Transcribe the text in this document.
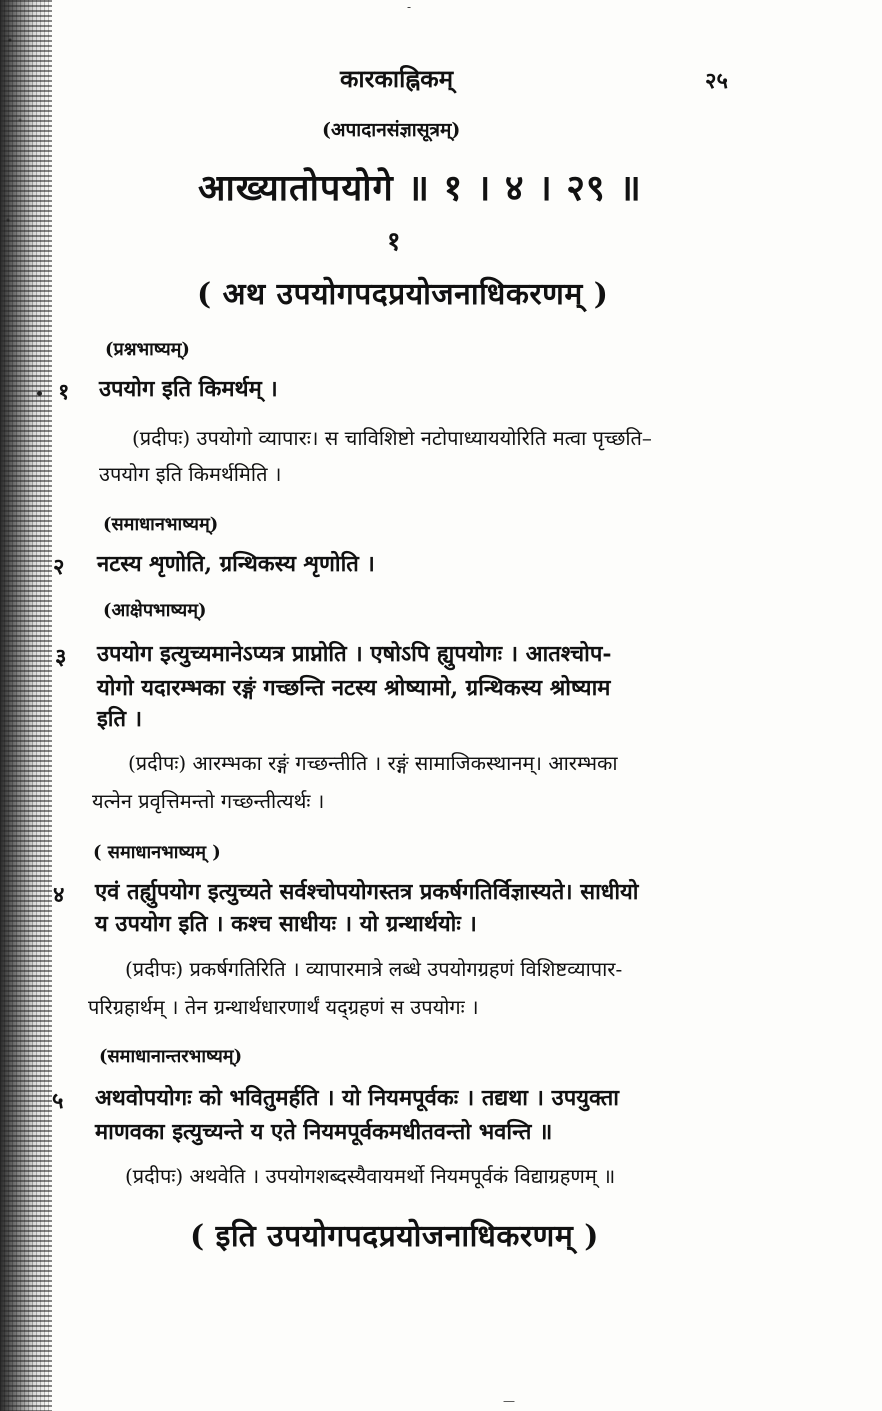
-
कारकाह्निकम्	२५
(अपादानसंज्ञासूत्रम्)
आख्यातोपयोगे ॥ १ । ४ । २९ ॥
१
( अथ उपयोगपदप्रयोजनाधिकरणम् )
(प्रश्नभाष्यम्)
१	उपयोग इति किमर्थम् ।
(प्रदीपः) उपयोगो व्यापारः। स चाविशिष्टो नटोपाध्याययोरिति मत्वा पृच्छति–
उपयोग इति किमर्थमिति ।
(समाधानभाष्यम्)
२	नटस्य शृणोति, ग्रन्थिकस्य शृणोति ।
(आक्षेपभाष्यम्)
३	उपयोग इत्युच्यमानेऽप्यत्र प्राप्नोति । एषोऽपि ह्युपयोगः । आतश्चोप-
योगो यदारम्भका रङ्गं गच्छन्ति नटस्य श्रोष्यामो, ग्रन्थिकस्य श्रोष्याम
इति ।
(प्रदीपः) आरम्भका रङ्गं गच्छन्तीति । रङ्गं सामाजिकस्थानम्। आरम्भका
यत्नेन प्रवृत्तिमन्तो गच्छन्तीत्यर्थः ।
( समाधानभाष्यम् )
४	एवं तर्ह्युपयोग इत्युच्यते सर्वश्चोपयोगस्तत्र प्रकर्षगतिर्विज्ञास्यते। साधीयो
य उपयोग इति । कश्च साधीयः । यो ग्रन्थार्थयोः ।
(प्रदीपः) प्रकर्षगतिरिति । व्यापारमात्रे लब्धे उपयोगग्रहणं विशिष्टव्यापार-
परिग्रहार्थम् । तेन ग्रन्थार्थधारणार्थं यद्ग्रहणं स उपयोगः ।
(समाधानान्तरभाष्यम्)
५	अथवोपयोगः को भवितुमर्हति । यो नियमपूर्वकः । तद्यथा । उपयुक्ता
माणवका इत्युच्यन्ते य एते नियमपूर्वकमधीतवन्तो भवन्ति ॥
(प्रदीपः) अथवेति । उपयोगशब्दस्यैवायमर्थो नियमपूर्वकं विद्याग्रहणम् ॥
( इति उपयोगपदप्रयोजनाधिकरणम् )
—
